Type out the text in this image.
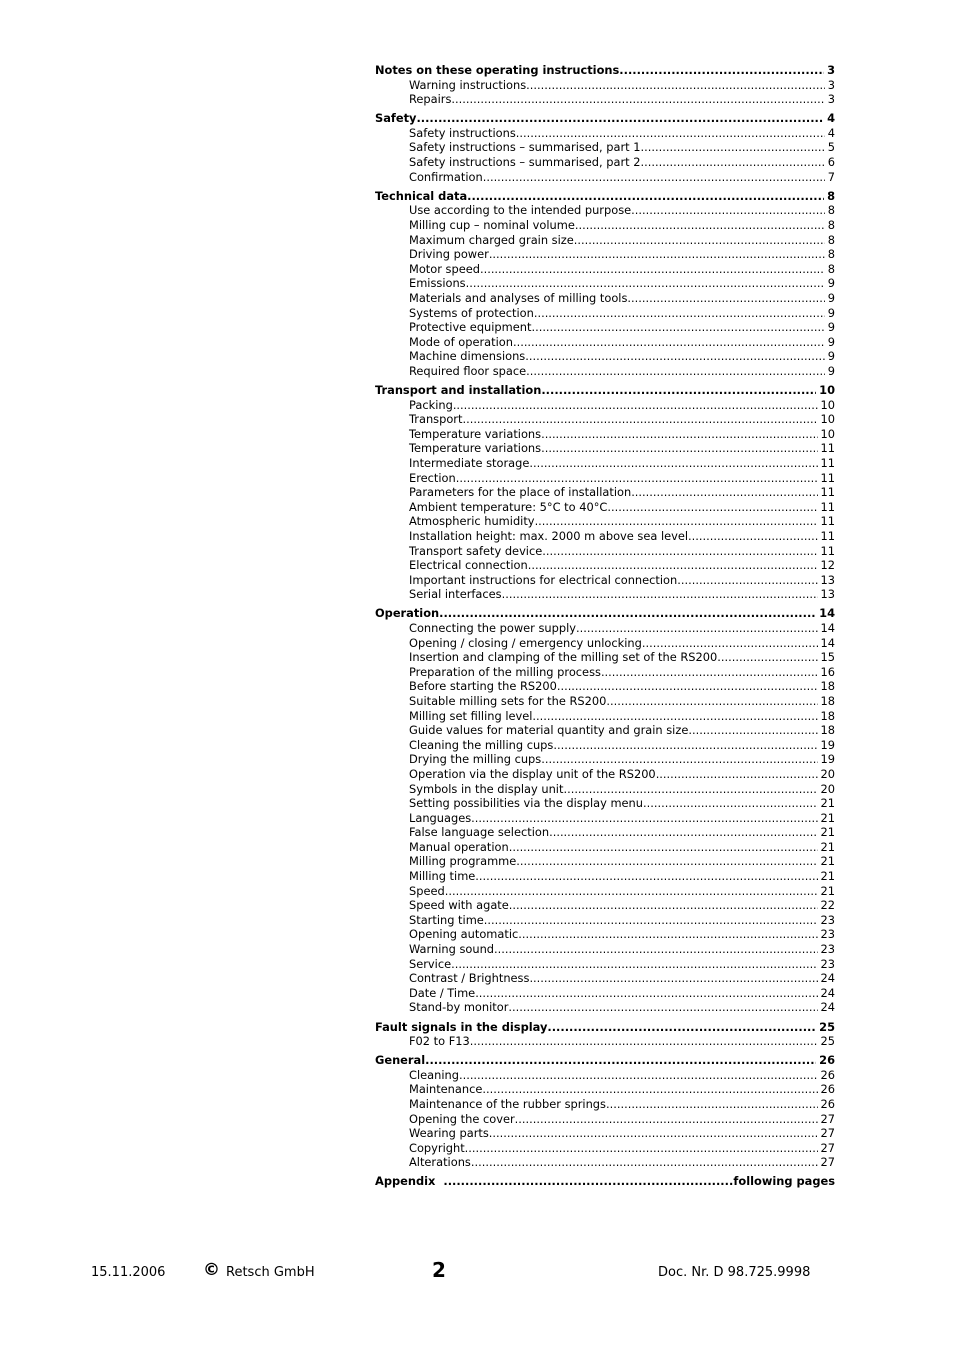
Notes on these operating instructions .....	3
Warning instructions .....	3
Repairs .....	3
Safety .....	4
Safety instructions .....	4
Safety instructions – summarised, part 1 .....	5
Safety instructions – summarised, part 2 .....	6
Confirmation .....	7
Technical data .....	8
Use according to the intended purpose .....	8
Milling cup – nominal volume .....	8
Maximum charged grain size .....	8
Driving power .....	8
Motor speed .....	8
Emissions .....	9
Materials and analyses of milling tools .....	9
Systems of protection .....	9
Protective equipment .....	9
Mode of operation .....	9
Machine dimensions .....	9
Required floor space .....	9
Transport and installation .....	10
Packing .....	10
Transport .....	10
Temperature variations .....	10
Temperature variations .....	11
Intermediate storage .....	11
Erection .....	11
Parameters for the place of installation .....	11
Ambient temperature: 5°C to 40°C .....	11
Atmospheric humidity .....	11
Installation height: max. 2000 m above sea level .....	11
Transport safety device .....	11
Electrical connection .....	12
Important instructions for electrical connection .....	13
Serial interfaces .....	13
Operation .....	14
Connecting the power supply .....	14
Opening / closing / emergency unlocking .....	14
Insertion and clamping of the milling set of the RS200 .....	15
Preparation of the milling process .....	16
Before starting the RS200 .....	18
Suitable milling sets for the RS200 .....	18
Milling set filling level .....	18
Guide values for material quantity and grain size .....	18
Cleaning the milling cups .....	19
Drying the milling cups .....	19
Operation via the display unit of the RS200 .....	20
Symbols in the display unit .....	20
Setting possibilities via the display menu .....	21
Languages .....	21
False language selection .....	21
Manual operation .....	21
Milling programme .....	21
Milling time .....	21
Speed .....	21
Speed with agate .....	22
Starting time .....	23
Opening automatic .....	23
Warning sound .....	23
Service .....	23
Contrast / Brightness .....	24
Date / Time .....	24
Stand-by monitor .....	24
Fault signals in the display .....	25
F02 to F13 .....	25
General .....	26
Cleaning .....	26
Maintenance .....	26
Maintenance of the rubber springs .....	26
Opening the cover .....	27
Wearing parts .....	27
Copyright .....	27
Alterations .....	27
Appendix .....	following pages
15.11.2006 © Retsch GmbH	2	Doc. Nr. D 98.725.9998
